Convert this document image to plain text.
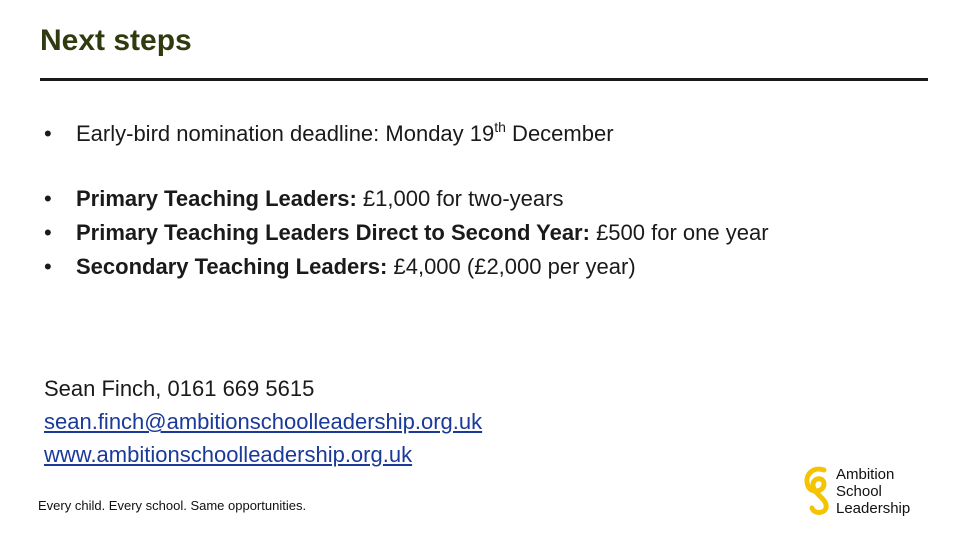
Next steps
• Early-bird nomination deadline: Monday 19th December
• Primary Teaching Leaders: £1,000 for two-years
• Primary Teaching Leaders Direct to Second Year: £500 for one year
• Secondary Teaching Leaders: £4,000 (£2,000 per year)
Sean Finch, 0161 669 5615
sean.finch@ambitionschoolleadership.org.uk
www.ambitionschoolleadership.org.uk
Every child. Every school. Same opportunities.
Ambition
School
Leadership
